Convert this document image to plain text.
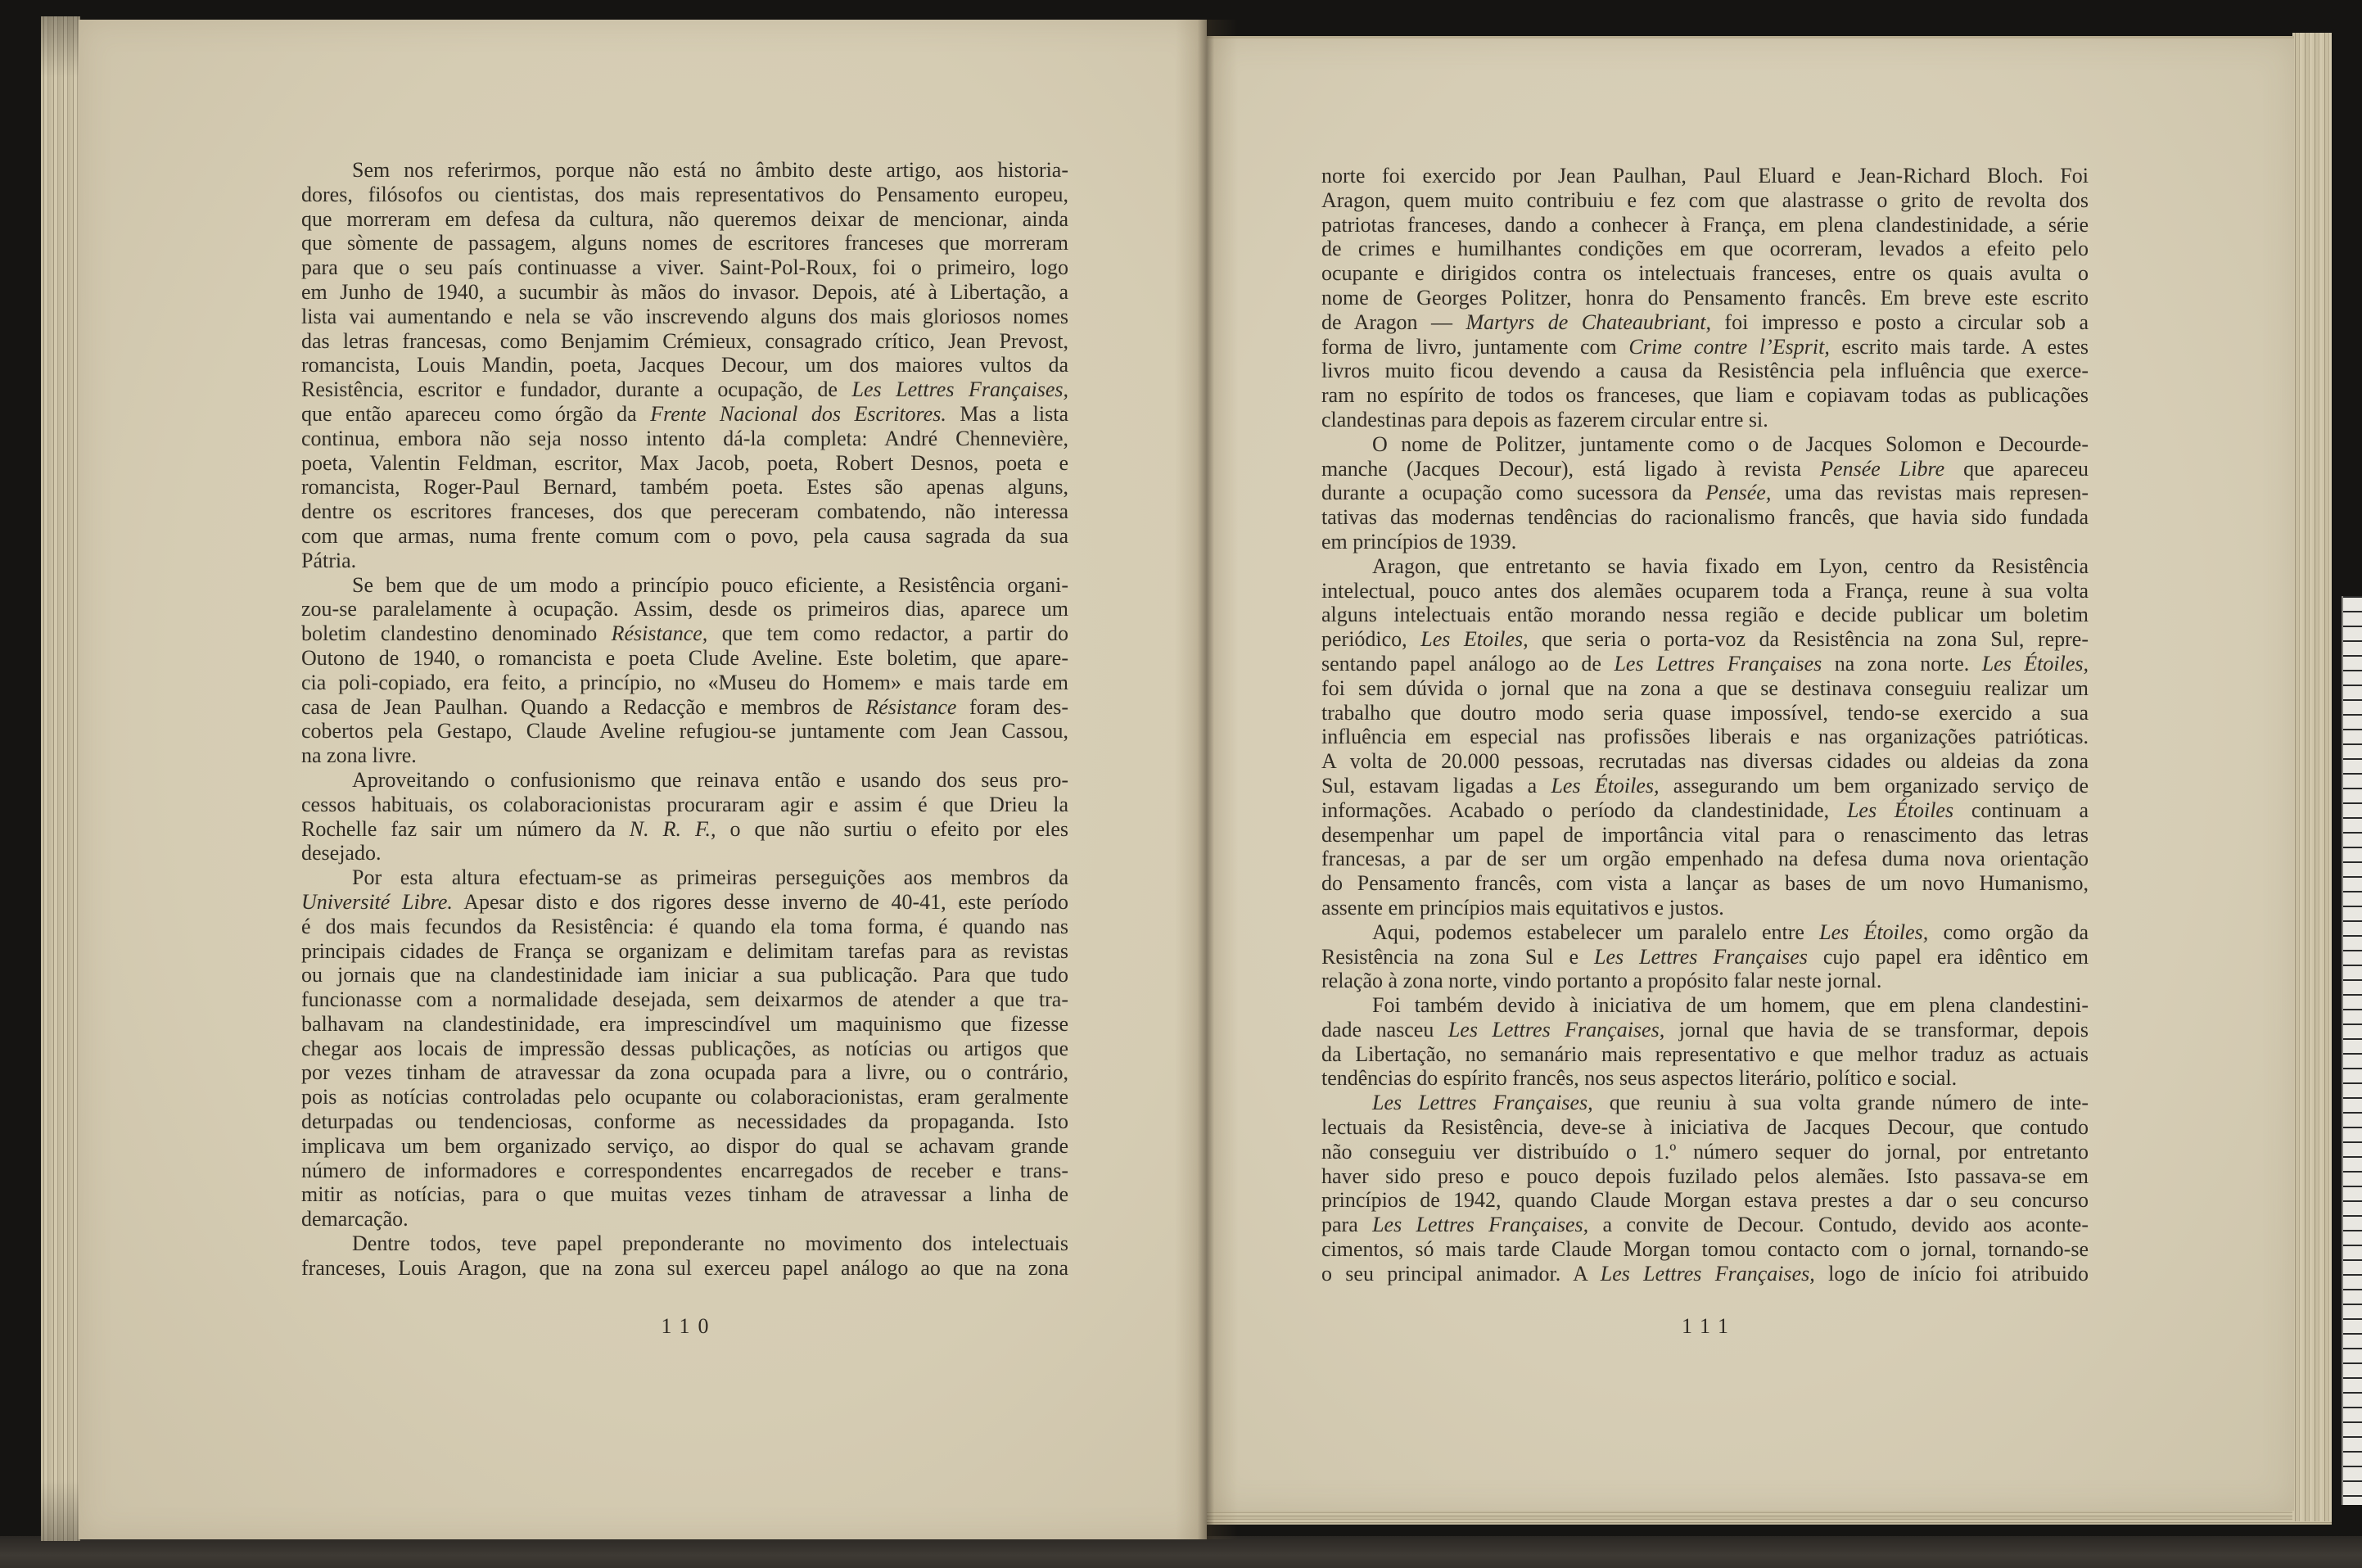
Sem nos referirmos, porque não está no âmbito deste artigo, aos historia-
dores, filósofos ou cientistas, dos mais representativos do Pensamento europeu,
que morreram em defesa da cultura, não queremos deixar de mencionar, ainda
que sòmente de passagem, alguns nomes de escritores franceses que morreram
para que o seu país continuasse a viver. Saint-Pol-Roux, foi o primeiro, logo
em Junho de 1940, a sucumbir às mãos do invasor. Depois, até à Libertação, a
lista vai aumentando e nela se vão inscrevendo alguns dos mais gloriosos nomes
das letras francesas, como Benjamim Crémieux, consagrado crítico, Jean Prevost,
romancista, Louis Mandin, poeta, Jacques Decour, um dos maiores vultos da
Resistência, escritor e fundador, durante a ocupação, de Les Lettres Françaises,
que então apareceu como órgão da Frente Nacional dos Escritores. Mas a lista
continua, embora não seja nosso intento dá-la completa: André Chennevière,
poeta, Valentin Feldman, escritor, Max Jacob, poeta, Robert Desnos, poeta e
romancista, Roger-Paul Bernard, também poeta. Estes são apenas alguns,
dentre os escritores franceses, dos que pereceram combatendo, não interessa
com que armas, numa frente comum com o povo, pela causa sagrada da sua
Pátria.
Se bem que de um modo a princípio pouco eficiente, a Resistência organi-
zou-se paralelamente à ocupação. Assim, desde os primeiros dias, aparece um
boletim clandestino denominado Résistance, que tem como redactor, a partir do
Outono de 1940, o romancista e poeta Clude Aveline. Este boletim, que apare-
cia poli-copiado, era feito, a princípio, no «Museu do Homem» e mais tarde em
casa de Jean Paulhan. Quando a Redacção e membros de Résistance foram des-
cobertos pela Gestapo, Claude Aveline refugiou-se juntamente com Jean Cassou,
na zona livre.
Aproveitando o confusionismo que reinava então e usando dos seus pro-
cessos habituais, os colaboracionistas procuraram agir e assim é que Drieu la
Rochelle faz sair um número da N. R. F., o que não surtiu o efeito por eles
desejado.
Por esta altura efectuam-se as primeiras perseguições aos membros da
Université Libre. Apesar disto e dos rigores desse inverno de 40-41, este período
é dos mais fecundos da Resistência: é quando ela toma forma, é quando nas
principais cidades de França se organizam e delimitam tarefas para as revistas
ou jornais que na clandestinidade iam iniciar a sua publicação. Para que tudo
funcionasse com a normalidade desejada, sem deixarmos de atender a que tra-
balhavam na clandestinidade, era imprescindível um maquinismo que fizesse
chegar aos locais de impressão dessas publicações, as notícias ou artigos que
por vezes tinham de atravessar da zona ocupada para a livre, ou o contrário,
pois as notícias controladas pelo ocupante ou colaboracionistas, eram geralmente
deturpadas ou tendenciosas, conforme as necessidades da propaganda. Isto
implicava um bem organizado serviço, ao dispor do qual se achavam grande
número de informadores e correspondentes encarregados de receber e trans-
mitir as notícias, para o que muitas vezes tinham de atravessar a linha de
demarcação.
Dentre todos, teve papel preponderante no movimento dos intelectuais
franceses, Louis Aragon, que na zona sul exerceu papel análogo ao que na zona
norte foi exercido por Jean Paulhan, Paul Eluard e Jean-Richard Bloch. Foi
Aragon, quem muito contribuiu e fez com que alastrasse o grito de revolta dos
patriotas franceses, dando a conhecer à França, em plena clandestinidade, a série
de crimes e humilhantes condições em que ocorreram, levados a efeito pelo
ocupante e dirigidos contra os intelectuais franceses, entre os quais avulta o
nome de Georges Politzer, honra do Pensamento francês. Em breve este escrito
de Aragon — Martyrs de Chateaubriant, foi impresso e posto a circular sob a
forma de livro, juntamente com Crime contre l’Esprit, escrito mais tarde. A estes
livros muito ficou devendo a causa da Resistência pela influência que exerce-
ram no espírito de todos os franceses, que liam e copiavam todas as publicações
clandestinas para depois as fazerem circular entre si.
O nome de Politzer, juntamente como o de Jacques Solomon e Decourde-
manche (Jacques Decour), está ligado à revista Pensée Libre que apareceu
durante a ocupação como sucessora da Pensée, uma das revistas mais represen-
tativas das modernas tendências do racionalismo francês, que havia sido fundada
em princípios de 1939.
Aragon, que entretanto se havia fixado em Lyon, centro da Resistência
intelectual, pouco antes dos alemães ocuparem toda a França, reune à sua volta
alguns intelectuais então morando nessa região e decide publicar um boletim
periódico, Les Etoiles, que seria o porta-voz da Resistência na zona Sul, repre-
sentando papel análogo ao de Les Lettres Françaises na zona norte. Les Étoiles,
foi sem dúvida o jornal que na zona a que se destinava conseguiu realizar um
trabalho que doutro modo seria quase impossível, tendo-se exercido a sua
influência em especial nas profissões liberais e nas organizações patrióticas.
A volta de 20.000 pessoas, recrutadas nas diversas cidades ou aldeias da zona
Sul, estavam ligadas a Les Étoiles, assegurando um bem organizado serviço de
informações. Acabado o período da clandestinidade, Les Étoiles continuam a
desempenhar um papel de importância vital para o renascimento das letras
francesas, a par de ser um orgão empenhado na defesa duma nova orientação
do Pensamento francês, com vista a lançar as bases de um novo Humanismo,
assente em princípios mais equitativos e justos.
Aqui, podemos estabelecer um paralelo entre Les Étoiles, como orgão da
Resistência na zona Sul e Les Lettres Françaises cujo papel era idêntico em
relação à zona norte, vindo portanto a propósito falar neste jornal.
Foi também devido à iniciativa de um homem, que em plena clandestini-
dade nasceu Les Lettres Françaises, jornal que havia de se transformar, depois
da Libertação, no semanário mais representativo e que melhor traduz as actuais
tendências do espírito francês, nos seus aspectos literário, político e social.
Les Lettres Françaises, que reuniu à sua volta grande número de inte-
lectuais da Resistência, deve-se à iniciativa de Jacques Decour, que contudo
não conseguiu ver distribuído o 1.º número sequer do jornal, por entretanto
haver sido preso e pouco depois fuzilado pelos alemães. Isto passava-se em
princípios de 1942, quando Claude Morgan estava prestes a dar o seu concurso
para Les Lettres Françaises, a convite de Decour. Contudo, devido aos aconte-
cimentos, só mais tarde Claude Morgan tomou contacto com o jornal, tornando-se
o seu principal animador. A Les Lettres Françaises, logo de início foi atribuido
110	111
